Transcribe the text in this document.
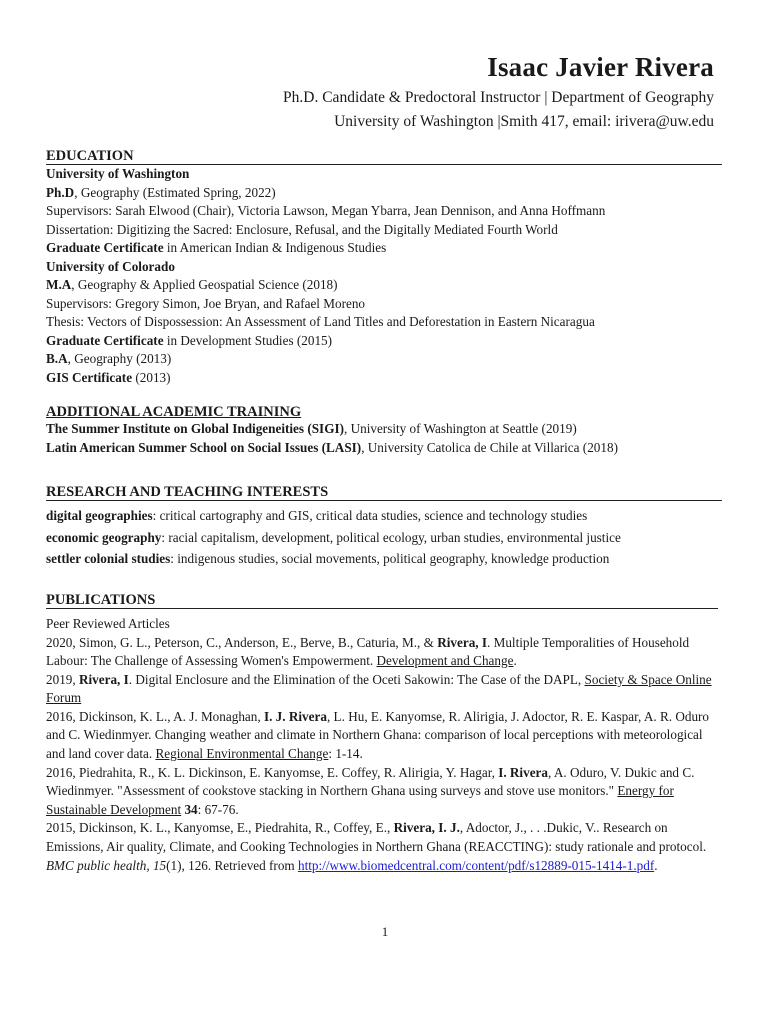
Isaac Javier Rivera
Ph.D. Candidate & Predoctoral Instructor | Department of Geography
University of Washington |Smith 417, email: irivera@uw.edu
EDUCATION
University of Washington
Ph.D, Geography (Estimated Spring, 2022)
Supervisors: Sarah Elwood (Chair), Victoria Lawson, Megan Ybarra, Jean Dennison, and Anna Hoffmann
Dissertation: Digitizing the Sacred: Enclosure, Refusal, and the Digitally Mediated Fourth World
Graduate Certificate in American Indian & Indigenous Studies
University of Colorado
M.A, Geography & Applied Geospatial Science (2018)
Supervisors: Gregory Simon, Joe Bryan, and Rafael Moreno
Thesis: Vectors of Dispossession: An Assessment of Land Titles and Deforestation in Eastern Nicaragua
Graduate Certificate in Development Studies (2015)
B.A, Geography (2013)
GIS Certificate (2013)
ADDITIONAL ACADEMIC TRAINING
The Summer Institute on Global Indigeneities (SIGI), University of Washington at Seattle (2019)
Latin American Summer School on Social Issues (LASI), University Catolica de Chile at Villarica (2018)
RESEARCH AND TEACHING INTERESTS
digital geographies: critical cartography and GIS, critical data studies, science and technology studies
economic geography: racial capitalism, development, political ecology, urban studies, environmental justice
settler colonial studies: indigenous studies, social movements, political geography, knowledge production
PUBLICATIONS
Peer Reviewed Articles

2020, Simon, G. L., Peterson, C., Anderson, E., Berve, B., Caturia, M., & Rivera, I. Multiple Temporalities of Household Labour: The Challenge of Assessing Women's Empowerment. Development and Change.

2019, Rivera, I. Digital Enclosure and the Elimination of the Oceti Sakowin: The Case of the DAPL, Society & Space Online Forum

2016, Dickinson, K. L., A. J. Monaghan, I. J. Rivera, L. Hu, E. Kanyomse, R. Alirigia, J. Adoctor, R. E. Kaspar, A. R. Oduro and C. Wiedinmyer. Changing weather and climate in Northern Ghana: comparison of local perceptions with meteorological and land cover data. Regional Environmental Change: 1-14.

2016, Piedrahita, R., K. L. Dickinson, E. Kanyomse, E. Coffey, R. Alirigia, Y. Hagar, I. Rivera, A. Oduro, V. Dukic and C. Wiedinmyer. "Assessment of cookstove stacking in Northern Ghana using surveys and stove use monitors." Energy for Sustainable Development 34: 67-76.

2015, Dickinson, K. L., Kanyomse, E., Piedrahita, R., Coffey, E., Rivera, I. J., Adoctor, J., . . .Dukic, V.. Research on Emissions, Air quality, Climate, and Cooking Technologies in Northern Ghana (REACCTING): study rationale and protocol. BMC public health, 15(1), 126. Retrieved from http://www.biomedcentral.com/content/pdf/s12889-015-1414-1.pdf.

1
